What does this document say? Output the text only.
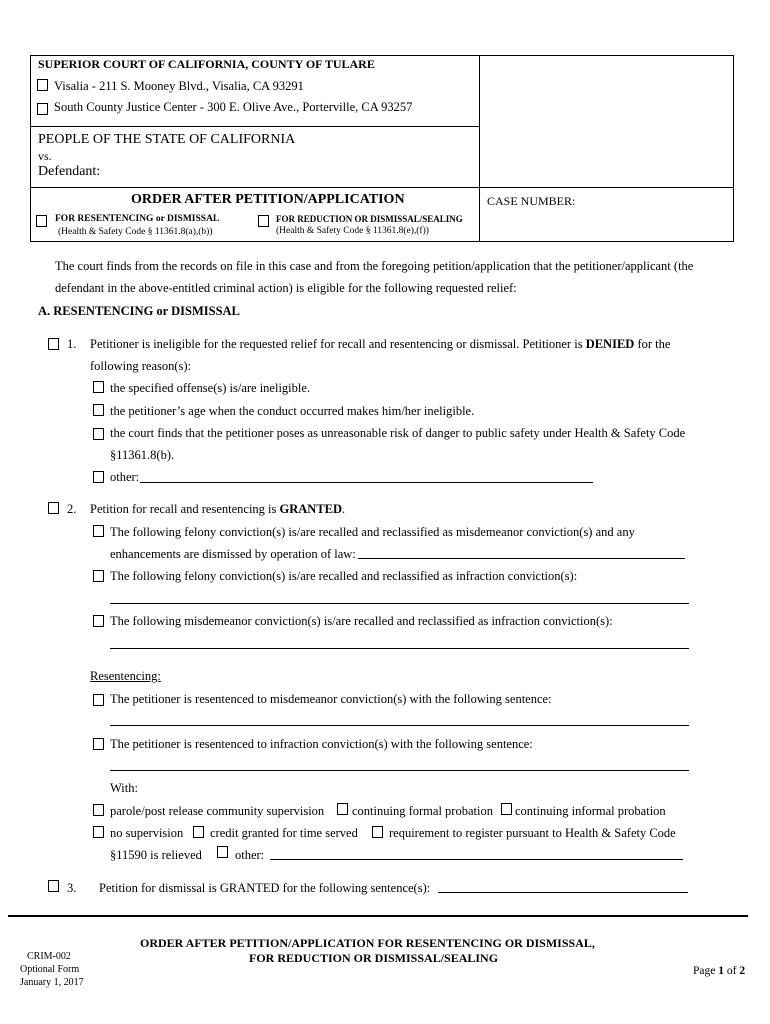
SUPERIOR COURT OF CALIFORNIA, COUNTY OF TULARE
Visalia - 211 S. Mooney Blvd., Visalia, CA 93291
South County Justice Center - 300 E. Olive Ave., Porterville, CA 93257
PEOPLE OF THE STATE OF CALIFORNIA
vs.
Defendant:
ORDER AFTER PETITION/APPLICATION	CASE NUMBER:
FOR RESENTENCING or DISMISSAL
(Health & Safety Code § 11361.8(a),(b))
FOR REDUCTION OR DISMISSAL/SEALING
(Health & Safety Code § 11361.8(e),(f))
The court finds from the records on file in this case and from the foregoing petition/application that the petitioner/applicant (the
defendant in the above-entitled criminal action) is eligible for the following requested relief:
A. RESENTENCING or DISMISSAL
1. Petitioner is ineligible for the requested relief for recall and resentencing or dismissal. Petitioner is DENIED for the
following reason(s):
the specified offense(s) is/are ineligible.
the petitioner’s age when the conduct occurred makes him/her ineligible.
the court finds that the petitioner poses as unreasonable risk of danger to public safety under Health & Safety Code
§11361.8(b).
other:
2. Petition for recall and resentencing is GRANTED.
The following felony conviction(s) is/are recalled and reclassified as misdemeanor conviction(s) and any
enhancements are dismissed by operation of law:
The following felony conviction(s) is/are recalled and reclassified as infraction conviction(s):
The following misdemeanor conviction(s) is/are recalled and reclassified as infraction conviction(s):
Resentencing:
The petitioner is resentenced to misdemeanor conviction(s) with the following sentence:
The petitioner is resentenced to infraction conviction(s) with the following sentence:
With:
parole/post release community supervision continuing formal probation continuing informal probation
no supervision credit granted for time served requirement to register pursuant to Health & Safety Code
§11590 is relieved	other:
3. Petition for dismissal is GRANTED for the following sentence(s):
CRIM-002
Optional Form
January 1, 2017
ORDER AFTER PETITION/APPLICATION FOR RESENTENCING OR DISMISSAL,
FOR REDUCTION OR DISMISSAL/SEALING
Page 1 of 2
